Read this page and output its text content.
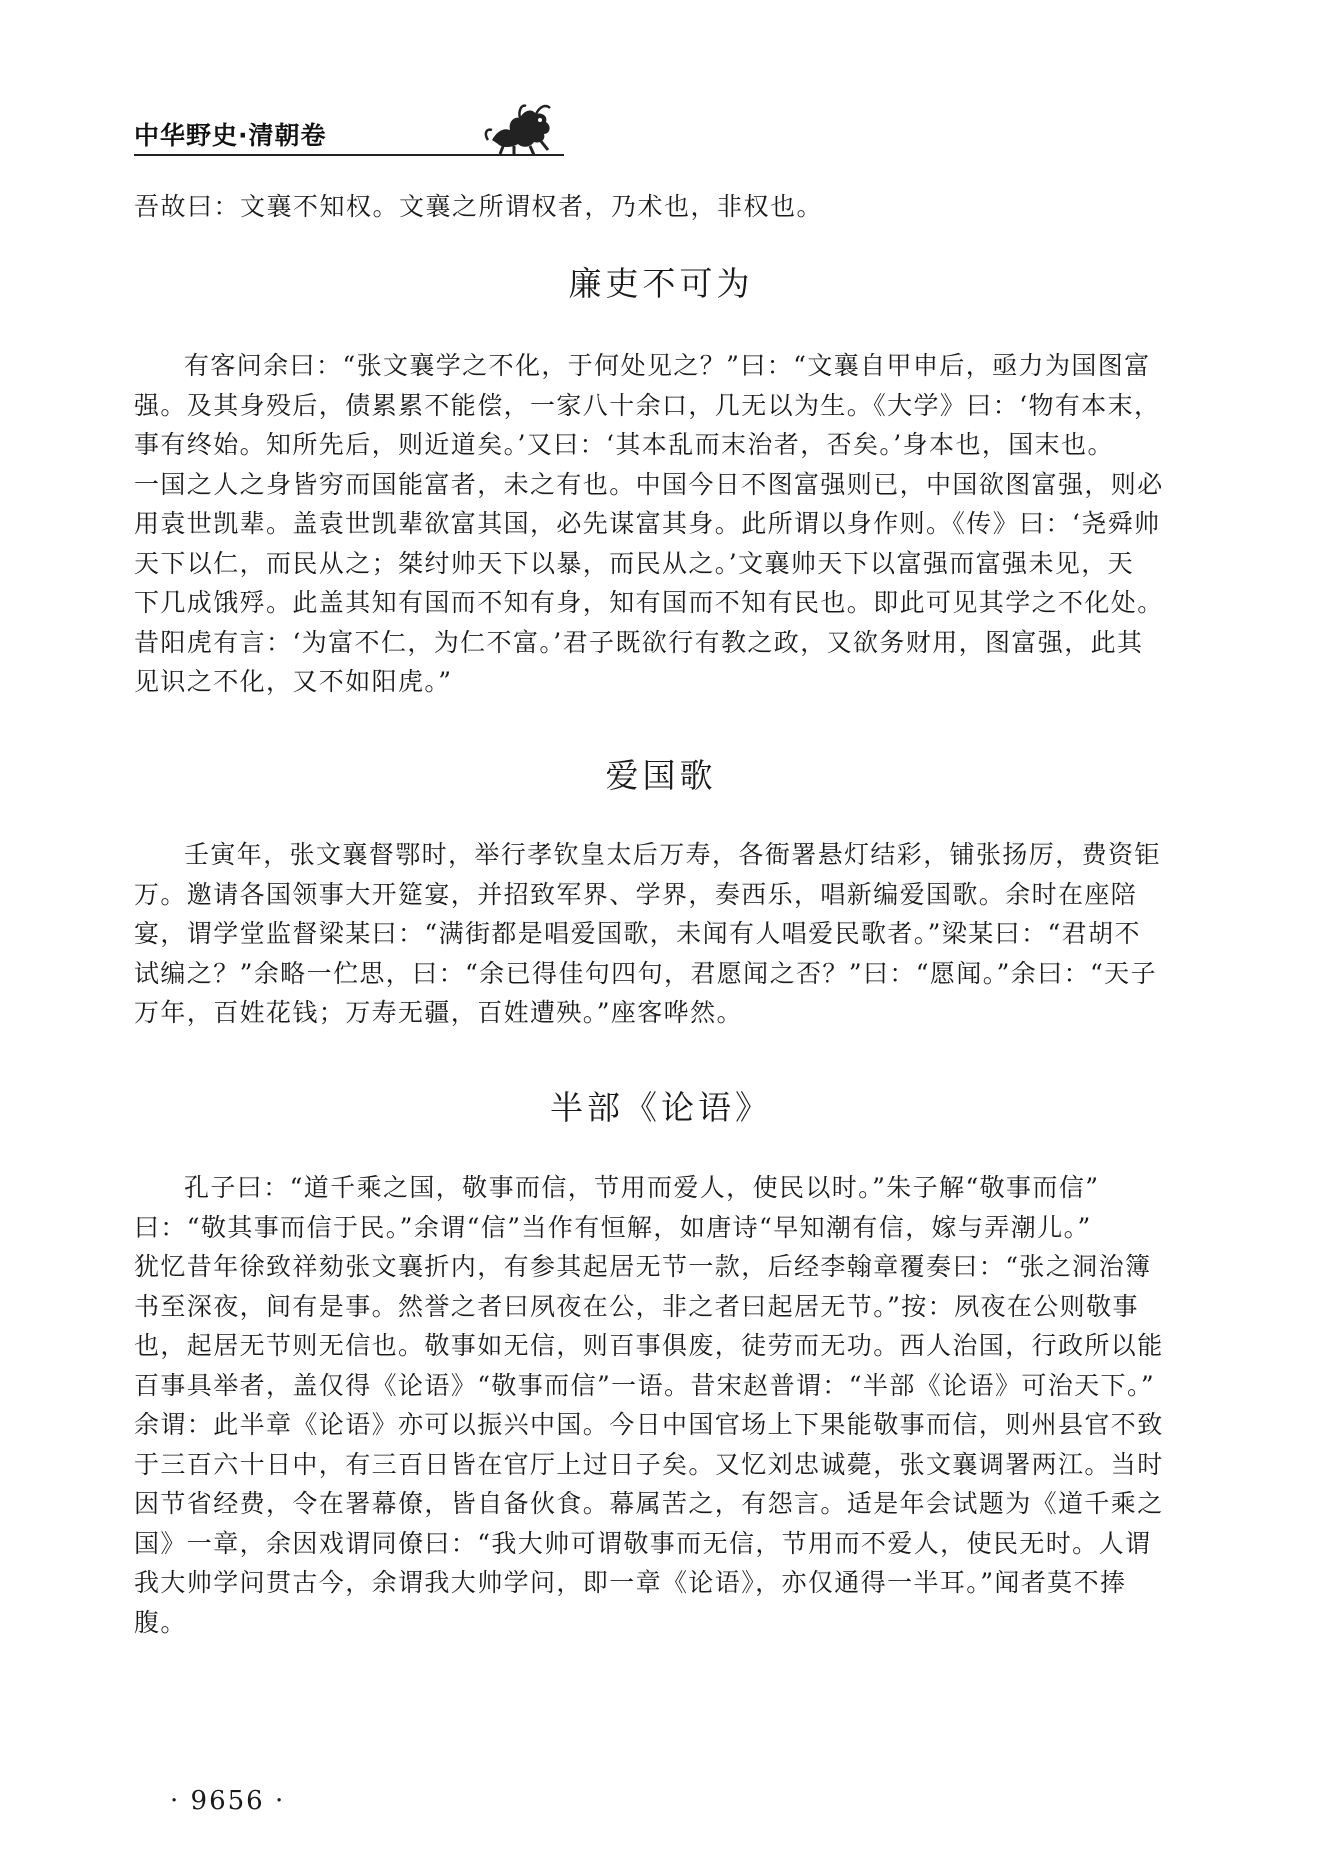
中华野史·清朝卷
吾故曰：文襄不知权。文襄之所谓权者，乃术也，非权也。
廉吏不可为
有客问余曰：“张文襄学之不化，于何处见之？”曰：“文襄自甲申后，亟力为国图富
强。及其身殁后，债累累不能偿，一家八十余口，几无以为生。《大学》曰：‘物有本末，
事有终始。知所先后，则近道矣。’又曰：‘其本乱而末治者，否矣。’身本也，国末也。
一国之人之身皆穷而国能富者，未之有也。中国今日不图富强则已，中国欲图富强，则必
用袁世凯辈。盖袁世凯辈欲富其国，必先谋富其身。此所谓以身作则。《传》曰：‘尧舜帅
天下以仁，而民从之；桀纣帅天下以暴，而民从之。’文襄帅天下以富强而富强未见，天
下几成饿殍。此盖其知有国而不知有身，知有国而不知有民也。即此可见其学之不化处。
昔阳虎有言：‘为富不仁，为仁不富。’君子既欲行有教之政，又欲务财用，图富强，此其
见识之不化，又不如阳虎。”
爱国歌
壬寅年，张文襄督鄂时，举行孝钦皇太后万寿，各衙署悬灯结彩，铺张扬厉，费资钜
万。邀请各国领事大开筵宴，并招致军界、学界，奏西乐，唱新编爱国歌。余时在座陪
宴，谓学堂监督梁某曰：“满街都是唱爱国歌，未闻有人唱爱民歌者。”梁某曰：“君胡不
试编之？”余略一伫思，曰：“余已得佳句四句，君愿闻之否？”曰：“愿闻。”余曰：“天子
万年，百姓花钱；万寿无疆，百姓遭殃。”座客哗然。
半部《论语》
孔子曰：“道千乘之国，敬事而信，节用而爱人，使民以时。”朱子解“敬事而信”
曰：“敬其事而信于民。”余谓“信”当作有恒解，如唐诗“早知潮有信，嫁与弄潮儿。”
犹忆昔年徐致祥劾张文襄折内，有参其起居无节一款，后经李翰章覆奏曰：“张之洞治簿
书至深夜，间有是事。然誉之者曰夙夜在公，非之者曰起居无节。”按：夙夜在公则敬事
也，起居无节则无信也。敬事如无信，则百事俱废，徒劳而无功。西人治国，行政所以能
百事具举者，盖仅得《论语》“敬事而信”一语。昔宋赵普谓：“半部《论语》可治天下。”
余谓：此半章《论语》亦可以振兴中国。今日中国官场上下果能敬事而信，则州县官不致
于三百六十日中，有三百日皆在官厅上过日子矣。又忆刘忠诚薨，张文襄调署两江。当时
因节省经费，令在署幕僚，皆自备伙食。幕属苦之，有怨言。适是年会试题为《道千乘之
国》一章，余因戏谓同僚曰：“我大帅可谓敬事而无信，节用而不爱人，使民无时。人谓
我大帅学问贯古今，余谓我大帅学问，即一章《论语》，亦仅通得一半耳。”闻者莫不捧
腹。
· 9656 ·
